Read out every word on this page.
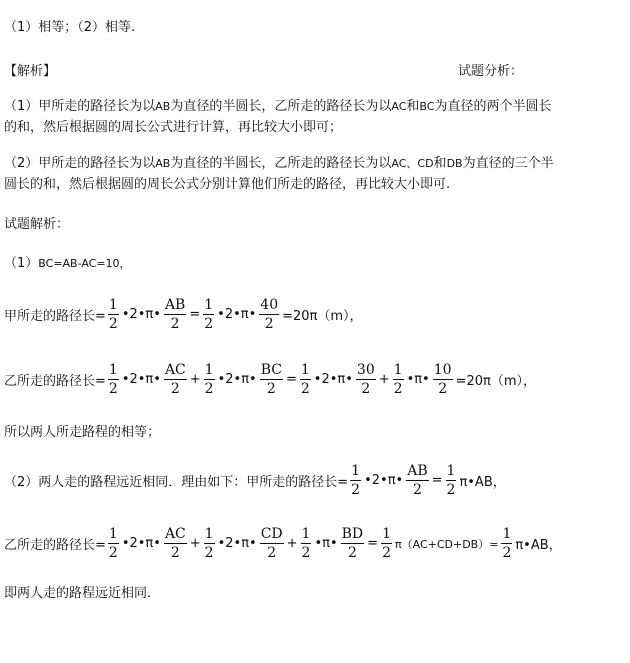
（1）相等；（2）相等.
【解析】	试题分析：
（1）甲所走的路径长为以AB为直径的半圆长，乙所走的路径长为以AC和BC为直径的两个半圆长
的和，然后根据圆的周长公式进行计算，再比较大小即可；
（2）甲所走的路径长为以AB为直径的半圆长，乙所走的路径长为以AC、CD和DB为直径的三个半
圆长的和，然后根据圆的周长公式分别计算他们所走的路径，再比较大小即可.
试题解析：
（1）BC=AB-AC=10，
甲所走的路径长= $\frac{1}{2}$ •2•π• $\frac{AB}{2} = \frac{1}{2}$ •2•π• $\frac{40}{2} =20\pi(m)$，
乙所走的路径长= $\frac{1}{2}$ •2•π• $\frac{AC}{2} + \frac{1}{2}$ •2•π• $\frac{BC}{2} = \frac{1}{2}$ •2•π• $\frac{30}{2} + \frac{1}{2}$ •π• $\frac{10}{2} =20\pi(m)$，
所以两人所走路程的相等；
（2）两人走的路程远近相同．理由如下：甲所走的路径长= $\frac{1}{2}$ •2•π• $\frac{AB}{2} = \frac{1}{2}$ π•AB，
乙所走的路径长= $\frac{1}{2}$ •2•π• $\frac{AC}{2} + \frac{1}{2}$ •2•π• $\frac{CD}{2} + \frac{1}{2}$ •π• $\frac{BD}{2} = \frac{1}{2} \pi(AC+CD+DB)= \frac{1}{2}$ π•AB，
即两人走的路程远近相同．
